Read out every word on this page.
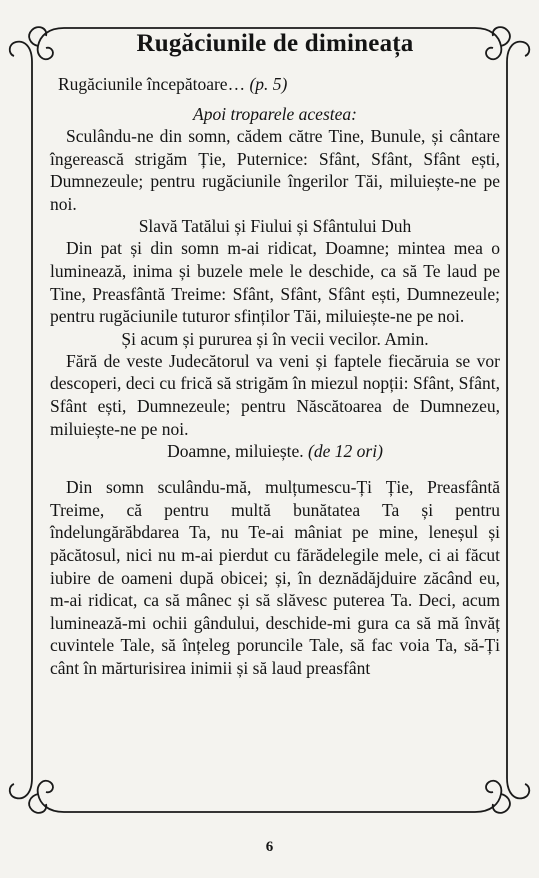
Rugăciunile de dimineața
Rugăciunile începătoare… (p. 5)
Apoi troparele acestea:

Sculându-ne din somn, cădem către Tine, Bunule, și cântare îngerească strigăm Ție, Puternice: Sfânt, Sfânt, Sfânt ești, Dumnezeule; pentru rugăciunile îngerilor Tăi, miluiește-ne pe noi.

Slavă Tatălui și Fiului și Sfântului Duh

Din pat și din somn m-ai ridicat, Doamne; mintea mea o luminează, inima și buzele mele le deschide, ca să Te laud pe Tine, Preasfântă Treime: Sfânt, Sfânt, Sfânt ești, Dumnezeule; pentru rugăciunile tuturor sfinților Tăi, miluiește-ne pe noi.

Și acum și pururea și în vecii vecilor. Amin.

Fără de veste Judecătorul va veni și faptele fiecăruia se vor descoperi, deci cu frică să strigăm în miezul nopții: Sfânt, Sfânt, Sfânt ești, Dumnezeule; pentru Născătoarea de Dumnezeu, miluiește-ne pe noi.

Doamne, miluiește. (de 12 ori)

Din somn sculându-mă, mulțumescu-Ți Ție, Preasfântă Treime, că pentru multă bunătatea Ta și pentru îndelungărăbdarea Ta, nu Te-ai mâniat pe mine, leneșul și păcătosul, nici nu m-ai pierdut cu fărădelegile mele, ci ai făcut iubire de oameni după obicei; și, în deznădăjduire zăcând eu, m-ai ridicat, ca să mânec și să slăvesc puterea Ta. Deci, acum luminează-mi ochii gândului, deschide-mi gura ca să mă învăț cuvintele Tale, să înțeleg poruncile Tale, să fac voia Ta, să-Ți cânt în mărturisirea inimii și să laud preasfânt

6
